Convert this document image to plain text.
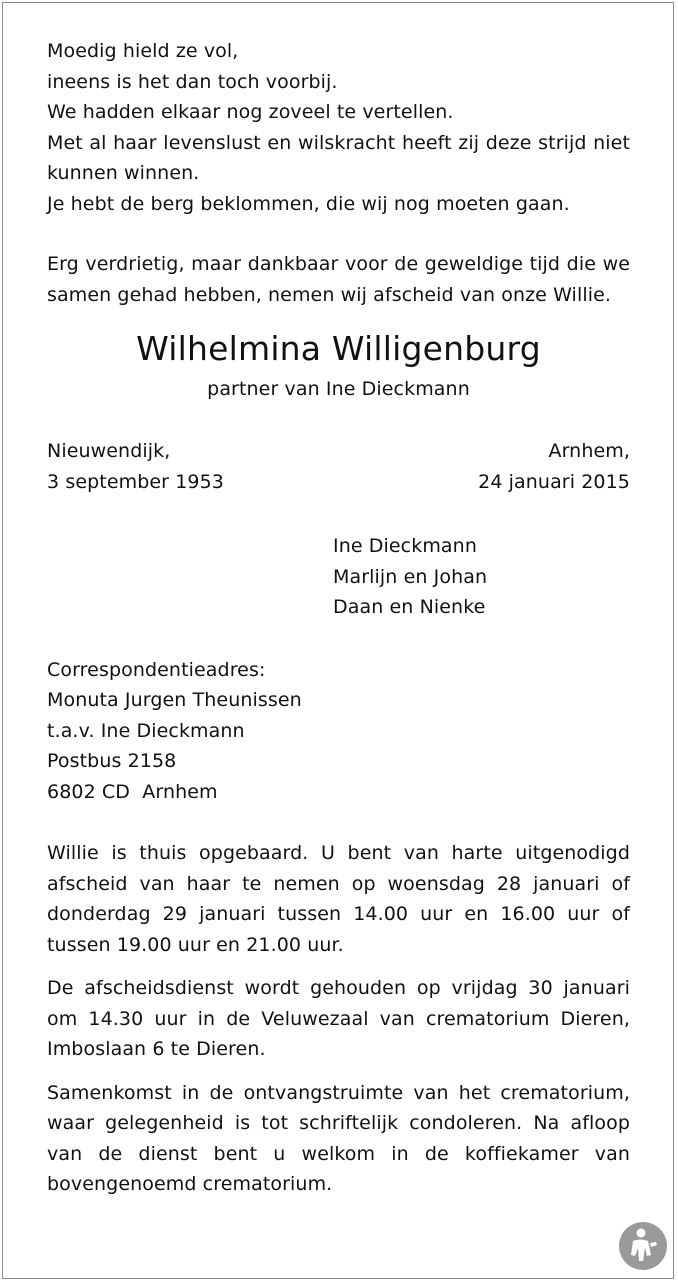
Moedig hield ze vol,
ineens is het dan toch voorbij.
We hadden elkaar nog zoveel te vertellen.
Met al haar levenslust en wilskracht heeft zij deze strijd niet kunnen winnen.
Je hebt de berg beklommen, die wij nog moeten gaan.

Erg verdrietig, maar dankbaar voor de geweldige tijd die we samen gehad hebben, nemen wij afscheid van onze Willie.

Wilhelmina Willigenburg
partner van Ine Dieckmann
Nieuwendijk,
3 september 1953
Arnhem,
24 januari 2015
Ine Dieckmann
Marlijn en Johan
Daan en Nienke
Correspondentieadres:
Monuta Jurgen Theunissen
t.a.v. Ine Dieckmann
Postbus 2158
6802 CD  Arnhem

Willie is thuis opgebaard. U bent van harte uitgenodigd afscheid van haar te nemen op woensdag 28 januari of donderdag 29 januari tussen 14.00 uur en 16.00 uur of tussen 19.00 uur en 21.00 uur.

De afscheidsdienst wordt gehouden op vrijdag 30 januari om 14.30 uur in de Veluwezaal van crematorium Dieren, Imboslaan 6 te Dieren.

Samenkomst in de ontvangstruimte van het crematorium, waar gelegenheid is tot schriftelijk condoleren. Na afloop van de dienst bent u welkom in de koffiekamer van bovengenoemd crematorium.
